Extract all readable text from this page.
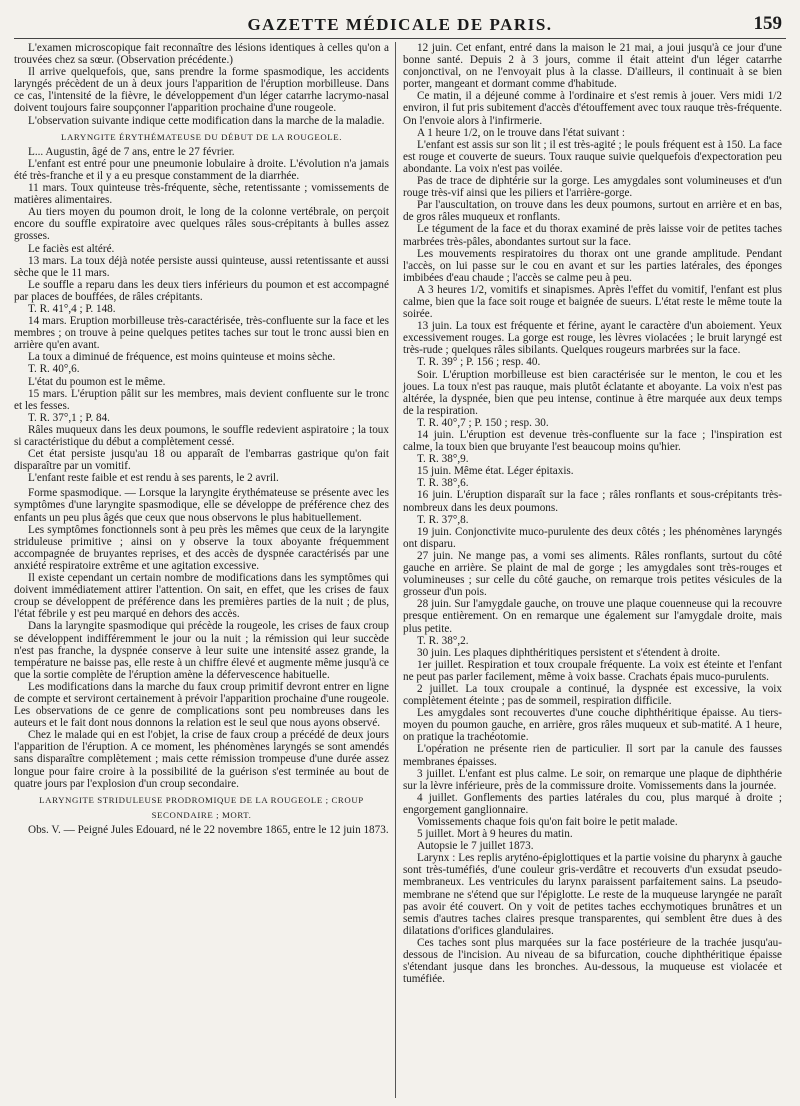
GAZETTE MÉDICALE DE PARIS.	159

L'examen microscopique fait reconnaître des lésions identiques à celles qu'on a trouvées chez sa sœur. (Observation précédente.)

Il arrive quelquefois, que, sans prendre la forme spasmodique, les accidents laryngés précèdent de un à deux jours l'apparition de l'éruption morbilleuse. Dans ce cas, l'intensité de la fièvre, le développement d'un léger catarrhe lacrymo-nasal doivent toujours faire soupçonner l'apparition prochaine d'une rougeole.

L'observation suivante indique cette modification dans la marche de la maladie.

LARYNGITE ÉRYTHÉMATEUSE DU DÉBUT DE LA ROUGEOLE.

L... Augustin, âgé de 7 ans, entre le 27 février.

L'enfant est entré pour une pneumonie lobulaire à droite. L'évolution n'a jamais été très-franche et il y a eu presque constamment de la diarrhée.

11 mars. Toux quinteuse très-fréquente, sèche, retentissante ; vomissements de matières alimentaires.

Au tiers moyen du poumon droit, le long de la colonne vertébrale, on perçoit encore du souffle expiratoire avec quelques râles sous-crépitants à bulles assez grosses.

Le faciès est altéré.

13 mars. La toux déjà notée persiste aussi quinteuse, aussi retentissante et aussi sèche que le 11 mars.

Le souffle a reparu dans les deux tiers inférieurs du poumon et est accompagné par places de bouffées, de râles crépitants.

T. R. 41°,4 ; P. 148.

14 mars. Eruption morbilleuse très-caractérisée, très-confluente sur la face et les membres ; on trouve à peine quelques petites taches sur tout le tronc aussi bien en arrière qu'en avant.

La toux a diminué de fréquence, est moins quinteuse et moins sèche.

T. R. 40°,6.

L'état du poumon est le même.

15 mars. L'éruption pâlit sur les membres, mais devient confluente sur le tronc et les fesses.

T. R. 37°,1 ; P. 84.

Râles muqueux dans les deux poumons, le souffle redevient aspiratoire ; la toux si caractéristique du début a complètement cessé.

Cet état persiste jusqu'au 18 ou apparaît de l'embarras gastrique qu'on fait disparaître par un vomitif.

L'enfant reste faible et est rendu à ses parents, le 2 avril.

Forme spasmodique. — Lorsque la laryngite érythémateuse se présente avec les symptômes d'une laryngite spasmodique, elle se développe de préférence chez des enfants un peu plus âgés que ceux que nous observons le plus habituellement.

Les symptômes fonctionnels sont à peu près les mêmes que ceux de la laryngite striduleuse primitive ; ainsi on y observe la toux aboyante fréquemment accompagnée de bruyantes reprises, et des accès de dyspnée caractérisés par une anxiété respiratoire extrême et une agitation excessive.

Il existe cependant un certain nombre de modifications dans les symptômes qui doivent immédiatement attirer l'attention. On sait, en effet, que les crises de faux croup se développent de préférence dans les premières parties de la nuit ; de plus, l'état fébrile y est peu marqué en dehors des accès.

Dans la laryngite spasmodique qui précède la rougeole, les crises de faux croup se développent indifféremment le jour ou la nuit ; la rémission qui leur succède n'est pas franche, la dyspnée conserve à leur suite une intensité assez grande, la température ne baisse pas, elle reste à un chiffre élevé et augmente même jusqu'à ce que la sortie complète de l'éruption amène la défervescence habituelle.

Les modifications dans la marche du faux croup primitif devront entrer en ligne de compte et serviront certainement à prévoir l'apparition prochaine d'une rougeole. Les observations de ce genre de complications sont peu nombreuses dans les auteurs et le fait dont nous donnons la relation est le seul que nous ayons observé.

Chez le malade qui en est l'objet, la crise de faux croup a précédé de deux jours l'apparition de l'éruption. A ce moment, les phénomènes laryngés se sont amendés sans disparaître complètement ; mais cette rémission trompeuse d'une durée assez longue pour faire croire à la possibilité de la guérison s'est terminée au bout de quatre jours par l'explosion d'un croup secondaire.

LARYNGITE STRIDULEUSE PRODROMIQUE DE LA ROUGEOLE ; CROUP

SECONDAIRE ; MORT.

Obs. V. — Peigné Jules Edouard, né le 22 novembre 1865, entre le 12 juin 1873.

12 juin. Cet enfant, entré dans la maison le 21 mai, a joui jusqu'à ce jour d'une bonne santé. Depuis 2 à 3 jours, comme il était atteint d'un léger catarrhe conjonctival, on ne l'envoyait plus à la classe. D'ailleurs, il continuait à se bien porter, mangeant et dormant comme d'habitude.

Ce matin, il a déjeuné comme à l'ordinaire et s'est remis à jouer. Vers midi 1/2 environ, il fut pris subitement d'accès d'étouffement avec toux rauque très-fréquente. On l'envoie alors à l'infirmerie.

A 1 heure 1/2, on le trouve dans l'état suivant :

L'enfant est assis sur son lit ; il est très-agité ; le pouls fréquent est à 150. La face est rouge et couverte de sueurs. Toux rauque suivie quelquefois d'expectoration peu abondante. La voix n'est pas voilée.

Pas de trace de diphtérie sur la gorge. Les amygdales sont volumineuses et d'un rouge très-vif ainsi que les piliers et l'arrière-gorge.

Par l'auscultation, on trouve dans les deux poumons, surtout en arrière et en bas, de gros râles muqueux et ronflants.

Le tégument de la face et du thorax examiné de près laisse voir de petites taches marbrées très-pâles, abondantes surtout sur la face.

Les mouvements respiratoires du thorax ont une grande amplitude. Pendant l'accès, on lui passe sur le cou en avant et sur les parties latérales, des éponges imbibées d'eau chaude ; l'accès se calme peu à peu.

A 3 heures 1/2, vomitifs et sinapismes. Après l'effet du vomitif, l'enfant est plus calme, bien que la face soit rouge et baignée de sueurs. L'état reste le même toute la soirée.

13 juin. La toux est fréquente et férine, ayant le caractère d'un aboiement. Yeux excessivement rouges. La gorge est rouge, les lèvres violacées ; le bruit laryngé est très-rude ; quelques râles sibilants. Quelques rougeurs marbrées sur la face.

T. R. 39° ; P. 156 ; resp. 40.

Soir. L'éruption morbilleuse est bien caractérisée sur le menton, le cou et les joues. La toux n'est pas rauque, mais plutôt éclatante et aboyante. La voix n'est pas altérée, la dyspnée, bien que peu intense, continue à être marquée aux deux temps de la respiration.

T. R. 40°,7 ; P. 150 ; resp. 30.

14 juin. L'éruption est devenue très-confluente sur la face ; l'inspiration est calme, la toux bien que bruyante l'est beaucoup moins qu'hier.

T. R. 38°,9.

15 juin. Même état. Léger épitaxis.

T. R. 38°,6.

16 juin. L'éruption disparaît sur la face ; râles ronflants et sous-crépitants très-nombreux dans les deux poumons.

T. R. 37°,8.

19 juin. Conjonctivite muco-purulente des deux côtés ; les phénomènes laryngés ont disparu.

27 juin. Ne mange pas, a vomi ses aliments. Râles ronflants, surtout du côté gauche en arrière. Se plaint de mal de gorge ; les amygdales sont très-rouges et volumineuses ; sur celle du côté gauche, on remarque trois petites vésicules de la grosseur d'un pois.

28 juin. Sur l'amygdale gauche, on trouve une plaque couenneuse qui la recouvre presque entièrement. On en remarque une également sur l'amygdale droite, mais plus petite.

T. R. 38°,2.

30 juin. Les plaques diphthéritiques persistent et s'étendent à droite.

1er juillet. Respiration et toux croupale fréquente. La voix est éteinte et l'enfant ne peut pas parler facilement, même à voix basse. Crachats épais muco-purulents.

2 juillet. La toux croupale a continué, la dyspnée est excessive, la voix complètement éteinte ; pas de sommeil, respiration difficile.

Les amygdales sont recouvertes d'une couche diphthéritique épaisse. Au tiers-moyen du poumon gauche, en arrière, gros râles muqueux et sub-matité. A 1 heure, on pratique la trachéotomie.

L'opération ne présente rien de particulier. Il sort par la canule des fausses membranes épaisses.

3 juillet. L'enfant est plus calme. Le soir, on remarque une plaque de diphthérie sur la lèvre inférieure, près de la commissure droite. Vomissements dans la journée.

4 juillet. Gonflements des parties latérales du cou, plus marqué à droite ; engorgement ganglionnaire.

Vomissements chaque fois qu'on fait boire le petit malade.

5 juillet. Mort à 9 heures du matin.

Autopsie le 7 juillet 1873.

Larynx : Les replis aryténo-épiglottiques et la partie voisine du pharynx à gauche sont très-tuméfiés, d'une couleur gris-verdâtre et recouverts d'un exsudat pseudo-membraneux. Les ventricules du larynx paraissent parfaitement sains. La pseudo-membrane ne s'étend que sur l'épiglotte. Le reste de la muqueuse laryngée ne paraît pas avoir été couvert. On y voit de petites taches ecchymotiques brunâtres et un semis d'autres taches claires presque transparentes, qui semblent être dues à des dilatations d'orifices glandulaires.

Ces taches sont plus marquées sur la face postérieure de la trachée jusqu'au-dessous de l'incision. Au niveau de sa bifurcation, couche diphthéritique épaisse s'étendant jusque dans les bronches. Au-dessous, la muqueuse est violacée et tuméfiée.
